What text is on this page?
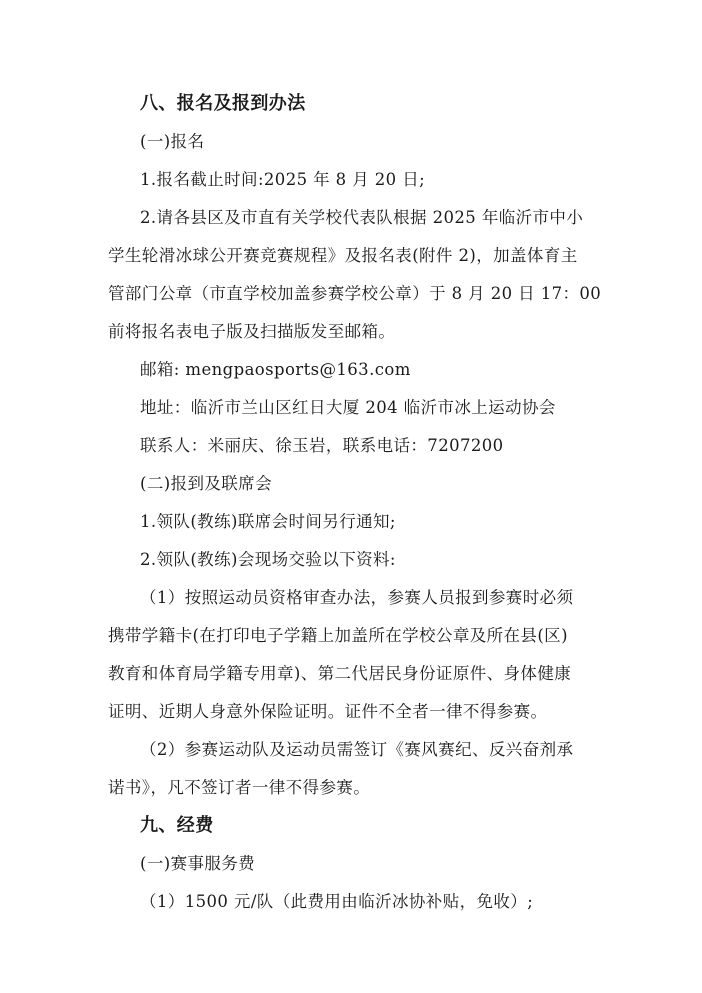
八、报名及报到办法
(一)报名
1.报名截止时间:2025 年 8 月 20 日;
2.请各县区及市直有关学校代表队根据 2025 年临沂市中小
学生轮滑冰球公开赛竞赛规程》及报名表(附件 2)，加盖体育主
管部门公章（市直学校加盖参赛学校公章）于 8 月 20 日 17：00
前将报名表电子版及扫描版发至邮箱。
邮箱: mengpaosports@163.com
地址：临沂市兰山区红日大厦 204 临沂市冰上运动协会
联系人：米丽庆、徐玉岩，联系电话：7207200
(二)报到及联席会
1.领队(教练)联席会时间另行通知;
2.领队(教练)会现场交验以下资料:
（1）按照运动员资格审查办法，参赛人员报到参赛时必须
携带学籍卡(在打印电子学籍上加盖所在学校公章及所在县(区)
教育和体育局学籍专用章)、第二代居民身份证原件、身体健康
证明、近期人身意外保险证明。证件不全者一律不得参赛。
（2）参赛运动队及运动员需签订《赛风赛纪、反兴奋剂承
诺书》，凡不签订者一律不得参赛。
九、经费
(一)赛事服务费
（1）1500 元/队（此费用由临沂冰协补贴，免收）;
